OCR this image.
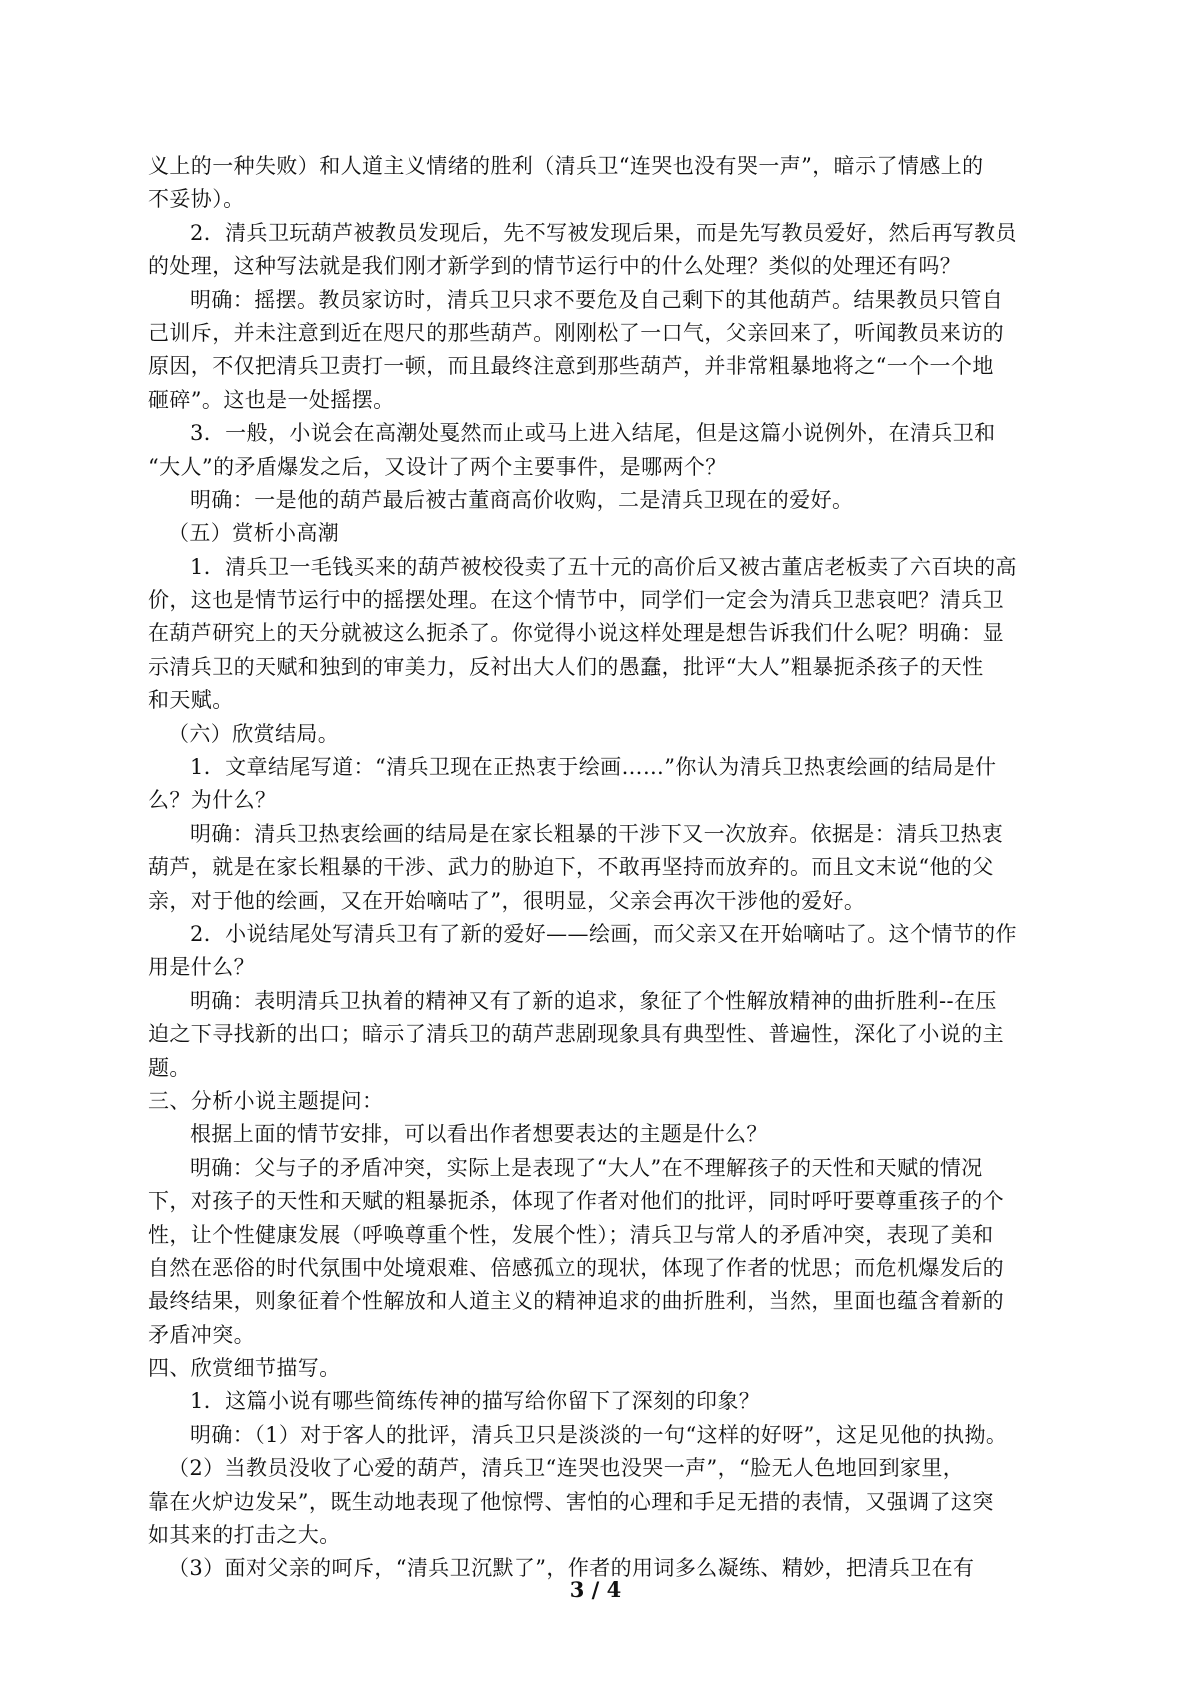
义上的一种失败）和人道主义情绪的胜利（清兵卫“连哭也没有哭一声”，暗示了情感上的
不妥协）。
2．清兵卫玩葫芦被教员发现后，先不写被发现后果，而是先写教员爱好，然后再写教员
的处理，这种写法就是我们刚才新学到的情节运行中的什么处理？类似的处理还有吗？
明确：摇摆。教员家访时，清兵卫只求不要危及自己剩下的其他葫芦。结果教员只管自
己训斥，并未注意到近在咫尺的那些葫芦。刚刚松了一口气，父亲回来了，听闻教员来访的
原因，不仅把清兵卫责打一顿，而且最终注意到那些葫芦，并非常粗暴地将之“一个一个地
砸碎”。这也是一处摇摆。
3．一般，小说会在高潮处戛然而止或马上进入结尾，但是这篇小说例外，在清兵卫和
“大人”的矛盾爆发之后，又设计了两个主要事件，是哪两个？
明确：一是他的葫芦最后被古董商高价收购，二是清兵卫现在的爱好。
（五）赏析小高潮
1．清兵卫一毛钱买来的葫芦被校役卖了五十元的高价后又被古董店老板卖了六百块的高
价，这也是情节运行中的摇摆处理。在这个情节中，同学们一定会为清兵卫悲哀吧？清兵卫
在葫芦研究上的天分就被这么扼杀了。你觉得小说这样处理是想告诉我们什么呢？明确：显
示清兵卫的天赋和独到的审美力，反衬出大人们的愚蠢，批评“大人”粗暴扼杀孩子的天性
和天赋。
（六）欣赏结局。
1．文章结尾写道：“清兵卫现在正热衷于绘画……”你认为清兵卫热衷绘画的结局是什
么？为什么？
明确：清兵卫热衷绘画的结局是在家长粗暴的干涉下又一次放弃。依据是：清兵卫热衷
葫芦，就是在家长粗暴的干涉、武力的胁迫下，不敢再坚持而放弃的。而且文末说“他的父
亲，对于他的绘画，又在开始嘀咕了”，很明显，父亲会再次干涉他的爱好。
2．小说结尾处写清兵卫有了新的爱好——绘画，而父亲又在开始嘀咕了。这个情节的作
用是什么？
明确：表明清兵卫执着的精神又有了新的追求，象征了个性解放精神的曲折胜利--在压
迫之下寻找新的出口；暗示了清兵卫的葫芦悲剧现象具有典型性、普遍性，深化了小说的主
题。
三、分析小说主题提问：
根据上面的情节安排，可以看出作者想要表达的主题是什么？
明确：父与子的矛盾冲突，实际上是表现了“大人”在不理解孩子的天性和天赋的情况
下，对孩子的天性和天赋的粗暴扼杀，体现了作者对他们的批评，同时呼吁要尊重孩子的个
性，让个性健康发展（呼唤尊重个性，发展个性）；清兵卫与常人的矛盾冲突，表现了美和
自然在恶俗的时代氛围中处境艰难、倍感孤立的现状，体现了作者的忧思；而危机爆发后的
最终结果，则象征着个性解放和人道主义的精神追求的曲折胜利，当然，里面也蕴含着新的
矛盾冲突。
四、欣赏细节描写。
1．这篇小说有哪些简练传神的描写给你留下了深刻的印象？
明确：（1）对于客人的批评，清兵卫只是淡淡的一句“这样的好呀”，这足见他的执拗。
（2）当教员没收了心爱的葫芦，清兵卫“连哭也没哭一声”，“脸无人色地回到家里，
靠在火炉边发呆”，既生动地表现了他惊愕、害怕的心理和手足无措的表情，又强调了这突
如其来的打击之大。
（3）面对父亲的呵斥，“清兵卫沉默了”，作者的用词多么凝练、精妙，把清兵卫在有
3 / 4
